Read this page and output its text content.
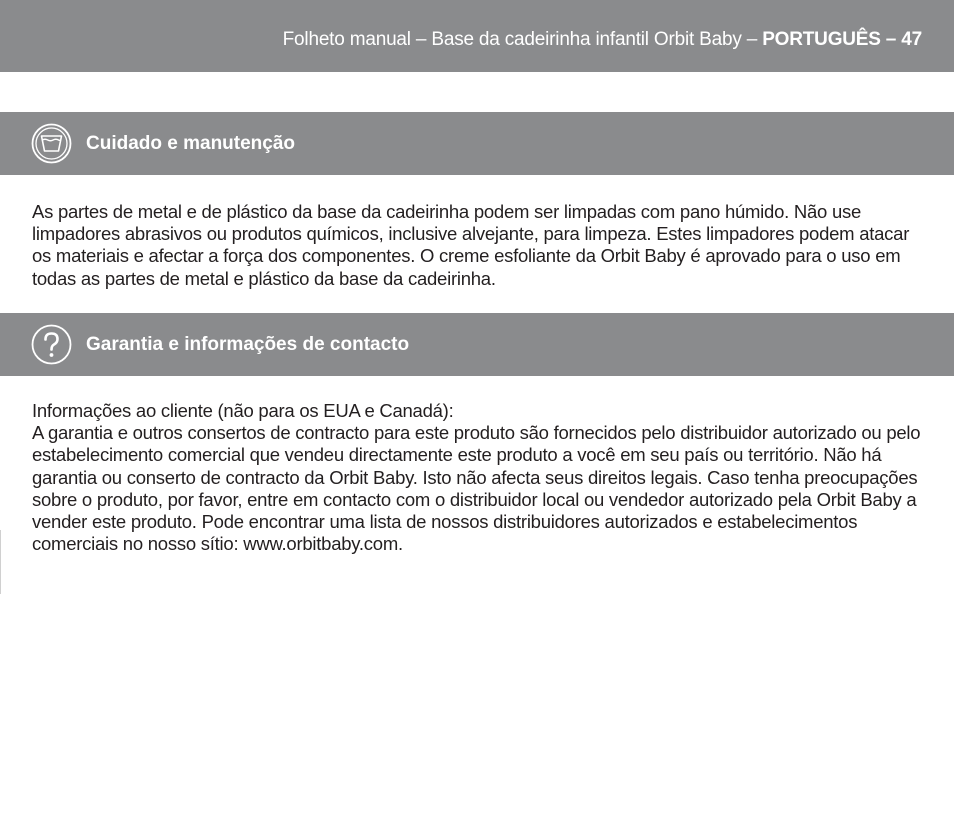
Folheto manual – Base da cadeirinha infantil Orbit Baby – PORTUGUÊS – 47
Cuidado e manutenção

As partes de metal e de plástico da base da cadeirinha podem ser limpadas com pano húmido. Não use limpadores abrasivos ou produtos químicos, inclusive alvejante, para limpeza. Estes limpadores podem atacar os materiais e afectar a força dos componentes. O creme esfoliante da Orbit Baby é aprovado para o uso em todas as partes de metal e plástico da base da cadeirinha.

Garantia e informações de contacto

Informações ao cliente (não para os EUA e Canadá):

A garantia e outros consertos de contracto para este produto são fornecidos pelo distribuidor autorizado ou pelo estabelecimento comercial que vendeu directamente este produto a você em seu país ou território. Não há garantia ou conserto de contracto da Orbit Baby. Isto não afecta seus direitos legais. Caso tenha preocupações sobre o produto, por favor, entre em contacto com o distribuidor local ou vendedor autorizado pela Orbit Baby a vender este produto. Pode encontrar uma lista de nossos distribuidores autorizados e estabelecimentos comerciais no nosso sítio: www.orbitbaby.com.
